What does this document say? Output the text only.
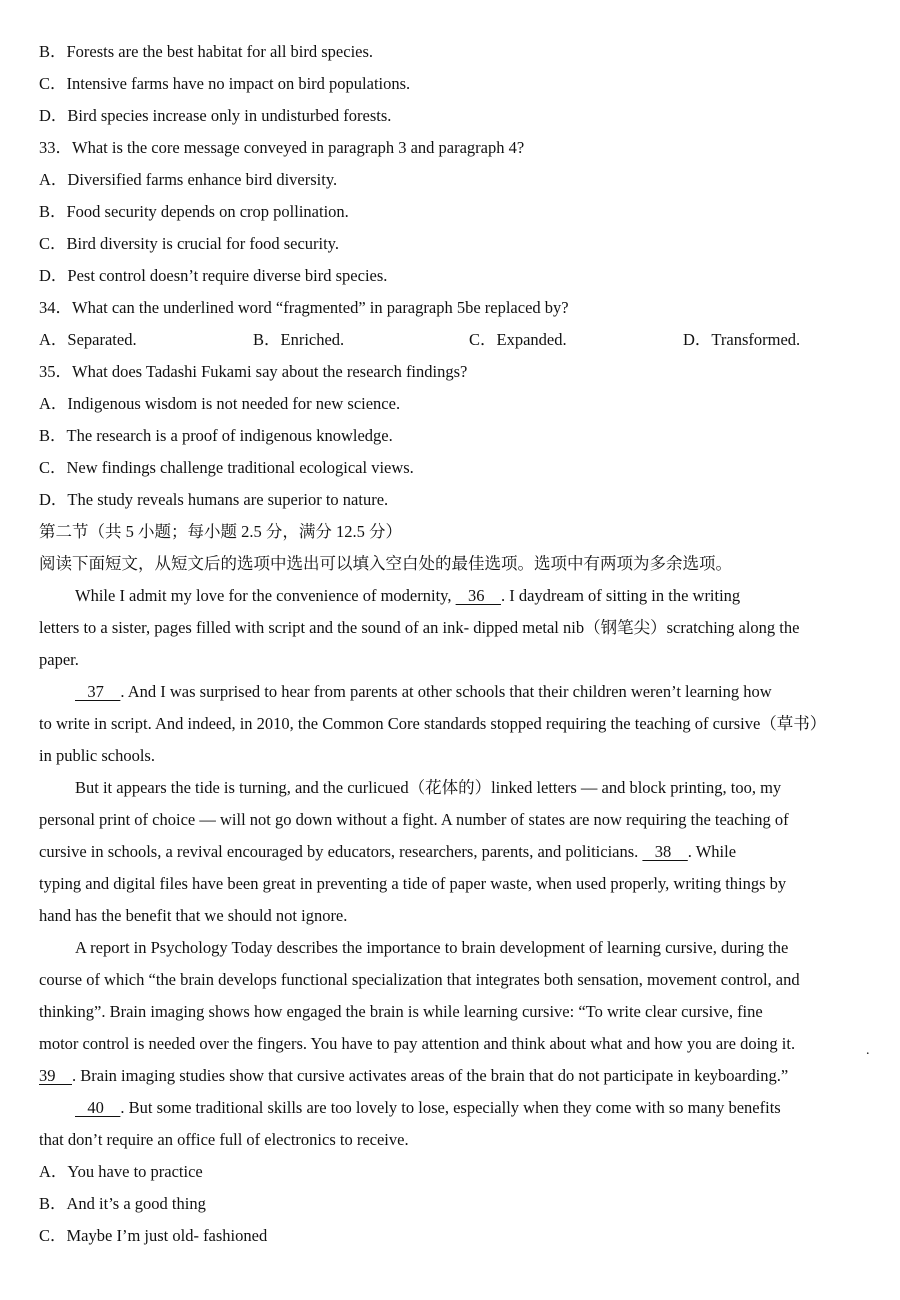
B．Forests are the best habitat for all bird species.
C．Intensive farms have no impact on bird populations.
D．Bird species increase only in undisturbed forests.
33．What is the core message conveyed in paragraph 3 and paragraph 4?
A．Diversified farms enhance bird diversity.
B．Food security depends on crop pollination.
C．Bird diversity is crucial for food security.
D．Pest control doesn’t require diverse bird species.
34．What can the underlined word “fragmented” in paragraph 5be replaced by?
A．Separated.	B．Enriched.	C．Expanded.	D．Transformed.
35．What does Tadashi Fukami say about the research findings?
A．Indigenous wisdom is not needed for new science.
B．The research is a proof of indigenous knowledge.
C．New findings challenge traditional ecological views.
D．The study reveals humans are superior to nature.
第二节（共 5 小题；每小题 2.5 分，满分 12.5 分）
阅读下面短文，从短文后的选项中选出可以填入空白处的最佳选项。选项中有两项为多余选项。
While I admit my love for the convenience of modernity,    36    . I daydream of sitting in the writing
letters to a sister, pages filled with script and the sound of an ink- dipped metal nib（钢笔尖）scratching along the
paper.
37    . And I was surprised to hear from parents at other schools that their children weren’t learning how
to write in script. And indeed, in 2010, the Common Core standards stopped requiring the teaching of cursive（草书）
in public schools.
But it appears the tide is turning, and the curlicued（花体的）linked letters — and block printing, too, my
personal print of choice — will not go down without a fight. A number of states are now requiring the teaching of
cursive in schools, a revival encouraged by educators, researchers, parents, and politicians.    38    . While
typing and digital files have been great in preventing a tide of paper waste, when used properly, writing things by
hand has the benefit that we should not ignore.
A report in Psychology Today describes the importance to brain development of learning cursive, during the
course of which “the brain develops functional specialization that integrates both sensation, movement control, and
thinking”. Brain imaging shows how engaged the brain is while learning cursive: “To write clear cursive, fine
motor control is needed over the fingers. You have to pay attention and think about what and how you are doing it.
39    . Brain imaging studies show that cursive activates areas of the brain that do not participate in keyboarding.”
40    . But some traditional skills are too lovely to lose, especially when they come with so many benefits
that don’t require an office full of electronics to receive.
A．You have to practice
B．And it’s a good thing
C．Maybe I’m just old- fashioned
.
